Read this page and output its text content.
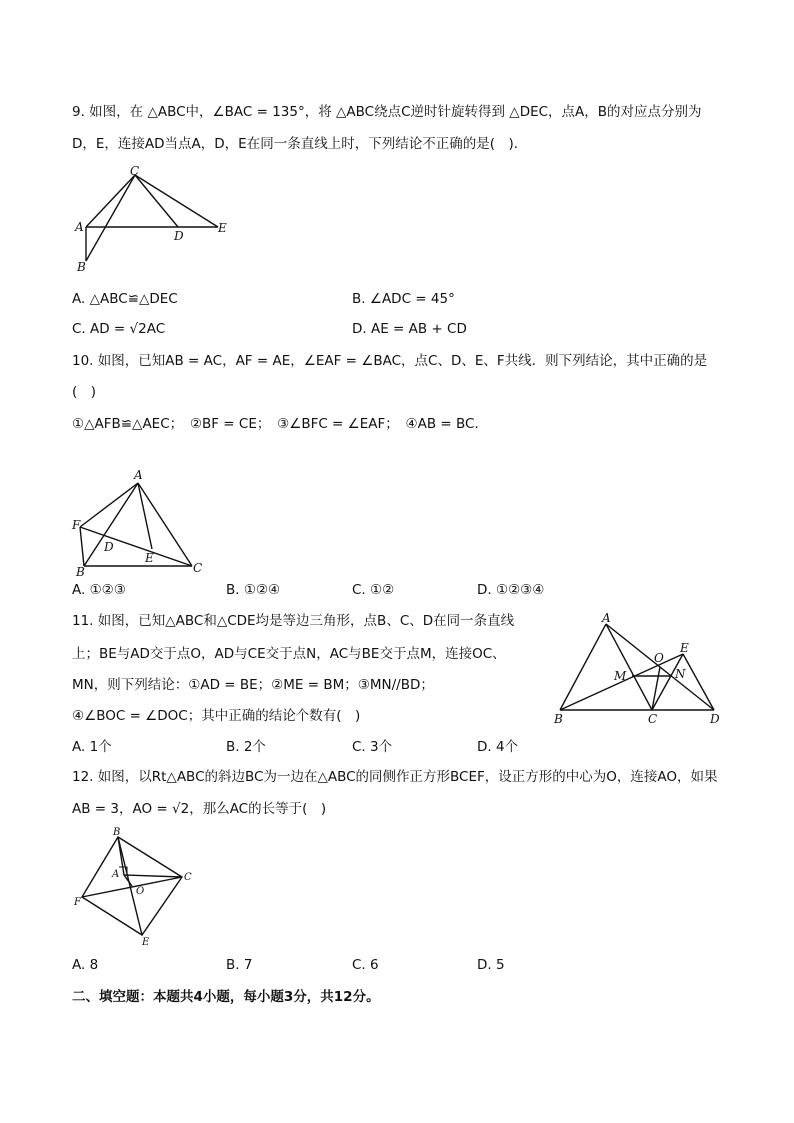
9. 如图，在 △ABC中，∠BAC = 135°，将 △ABC绕点C逆时针旋转得到 △DEC，点A，B的对应点分别为
D，E，连接AD当点A，D，E在同一条直线上时，下列结论不正确的是(　)．
C
A
B
D
E
A. △ABC≌△DEC	B. ∠ADC = 45°
C. AD = √2AC	D. AE = AB + CD
10. 如图，已知AB = AC，AF = AE，∠EAF = ∠BAC，点C、D、E、F共线．则下列结论，其中正确的是
(　)
①△AFB≌△AEC；　②BF = CE；　③∠BFC = ∠EAF；　④AB = BC．
A
F
D
E
B	C
A. ①②③	B. ①②④	C. ①②	D. ①②③④
11. 如图，已知△ABC和△CDE均是等边三角形，点B、C、D在同一条直线
上；BE与AD交于点O，AD与CE交于点N，AC与BE交于点M，连接OC、
MN，则下列结论：①AD = BE；②ME = BM；③MN//BD；
④∠BOC = ∠DOC；其中正确的结论个数有(　)
A
E
O
M	N
B	C	D
A. 1个	B. 2个	C. 3个	D. 4个
12. 如图，以Rt△ABC的斜边BC为一边在△ABC的同侧作正方形BCEF，设正方形的中心为O，连接AO，如果
AB = 3，AO = √2，那么AC的长等于(　)
B
A
O
C
F
E
A. 8	B. 7	C. 6	D. 5
二、填空题：本题共4小题，每小题3分，共12分。
